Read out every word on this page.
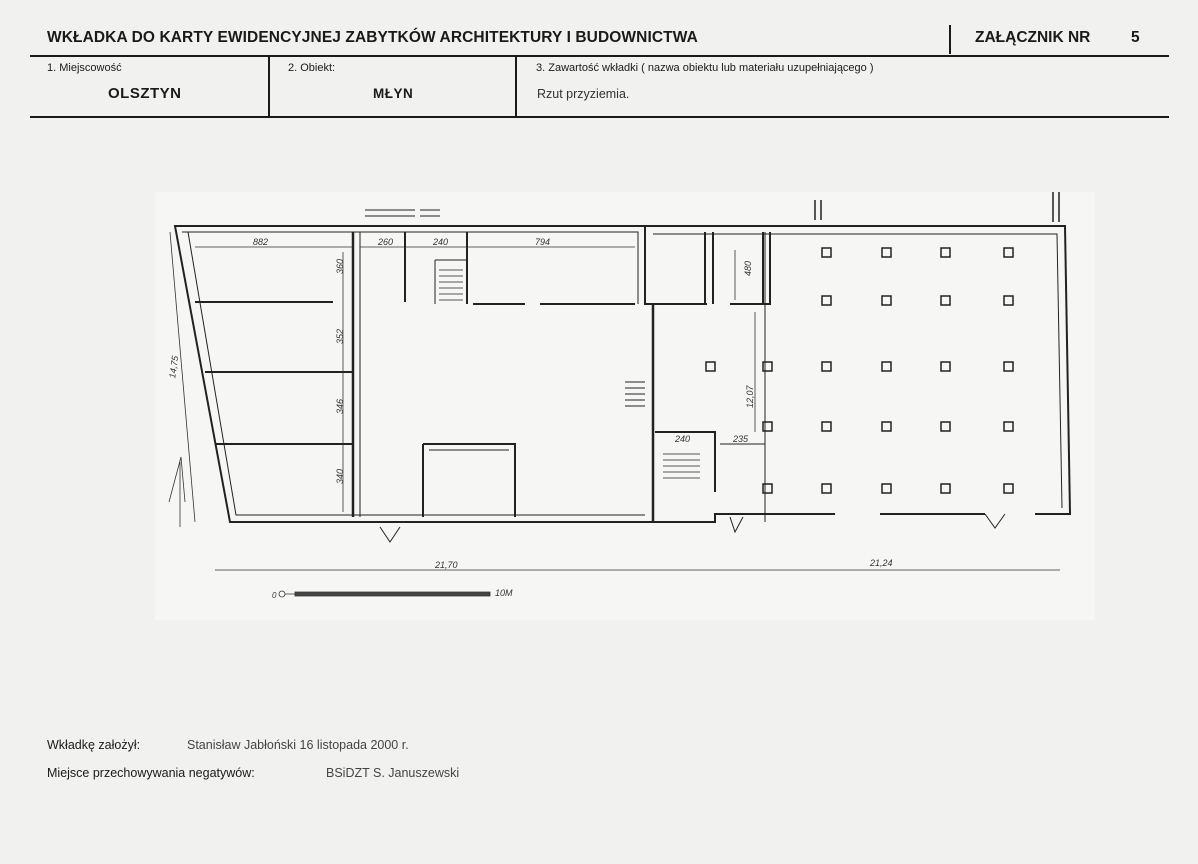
WKŁADKA DO KARTY EWIDENCYJNEJ ZABYTKÓW ARCHITEKTURY I BUDOWNICTWA	ZAŁĄCZNIK NR	5
1. Miejscowość
OLSZTYN
2. Obiekt:
MŁYN
3. Zawartość wkładki ( nazwa obiektu lub materiału uzupełniającego )
Rzut przyziemia.
882	260	240	794
360
352
346
340
14,75
480
12,07
240	235
21,70	21,24
0	10M
Wkładkę założył:	Stanisław Jabłoński 16 listopada 2000 r.
Miejsce przechowywania negatywów:	BSiDZT S. Januszewski
